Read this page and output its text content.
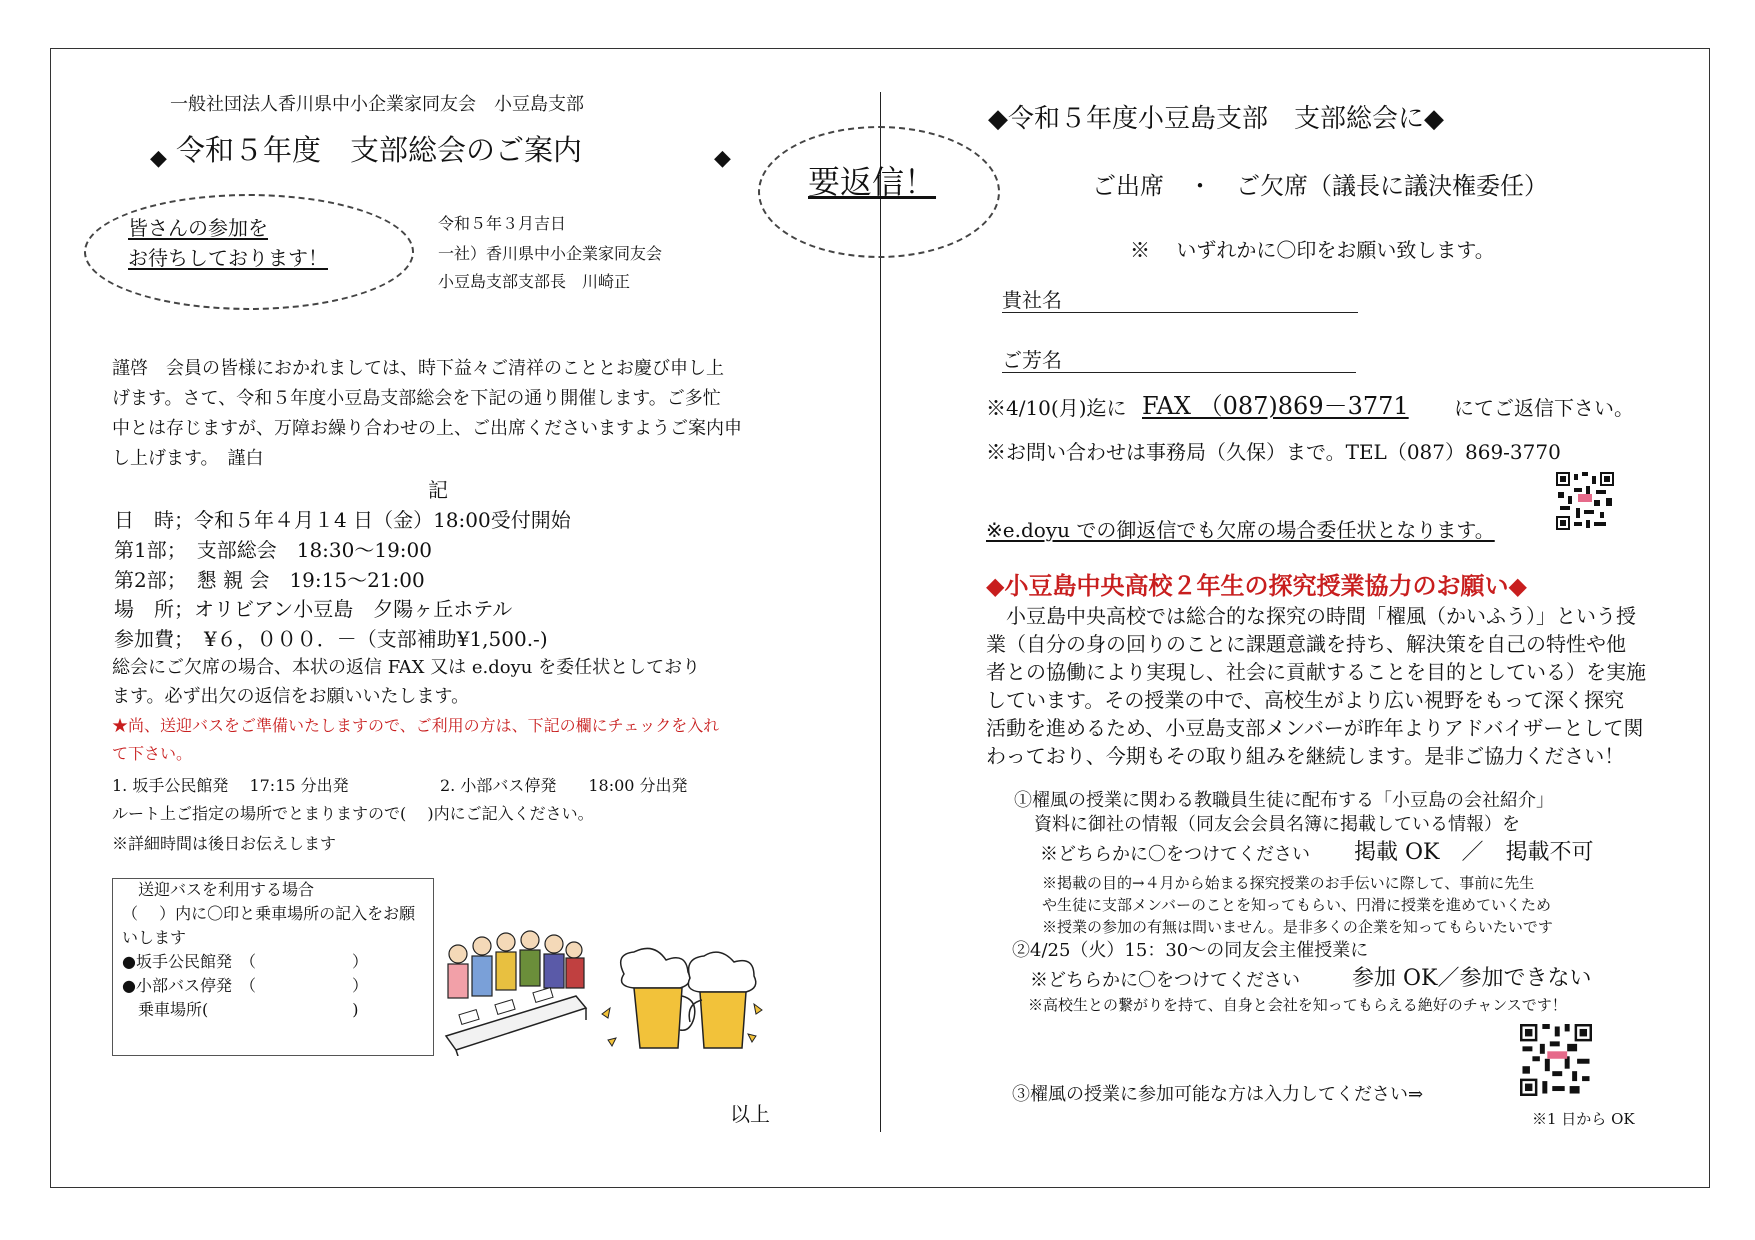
一般社団法人香川県中小企業家同友会　小豆島支部
◆ 令和５年度　支部総会のご案内	◆
皆さんの参加を
お待ちしております！
令和５年３月吉日
一社）香川県中小企業家同友会
小豆島支部支部長　川崎正
謹啓　会員の皆様におかれましては、時下益々ご清祥のこととお慶び申し上
げます。さて、令和５年度小豆島支部総会を下記の通り開催します。ご多忙
中とは存じますが、万障お繰り合わせの上、ご出席くださいますようご案内申
し上げます。　謹白
記
日　時；令和５年４月１4 日（金）18:00受付開始
第1部；　支部総会　18:30～19:00
第2部；　懇 親 会　19:15～21:00
場　所；オリビアン小豆島　夕陽ヶ丘ホテル
参加費；　¥６，０００．－（支部補助¥1,500.-)
総会にご欠席の場合、本状の返信 FAX 又は e.doyu を委任状としており
ます。必ず出欠の返信をお願いいたします。
★尚、送迎バスをご準備いたしますので、ご利用の方は、下記の欄にチェックを入れ
て下さい。
1. 坂手公民館発　 17:15 分出発	2. 小部バス停発　　18:00 分出発
ルート上ご指定の場所でとまりますので(　 )内にご記入ください。
※詳細時間は後日お伝えします
送迎バスを利用する場合
（　 ）内に〇印と乗車場所の記入をお願
いします
●坂手公民館発　（　　　　　　）
●小部バス停発　（　　　　　　）
　乗車場所(　　　　　　　　　)
以上
要返信！
◆令和５年度小豆島支部　支部総会に◆
ご出席　・　ご欠席（議長に議決権委任）
※　 いずれかに〇印をお願い致します。
貴社名
ご芳名
※4/10(月)迄に FAX （087)869－3771 にてご返信下さい。
※お問い合わせは事務局（久保）まで。TEL（087）869-3770
※e.doyu での御返信でも欠席の場合委任状となります。
◆小豆島中央高校２年生の探究授業協力のお願い◆
　小豆島中央高校では総合的な探究の時間「櫂風（かいふう）」という授
業（自分の身の回りのことに課題意識を持ち、解決策を自己の特性や他
者との協働により実現し、社会に貢献することを目的としている）を実施
しています。その授業の中で、高校生がより広い視野をもって深く探究
活動を進めるため、小豆島支部メンバーが昨年よりアドバイザーとして関
わっており、今期もその取り組みを継続します。是非ご協力ください！
①櫂風の授業に関わる教職員生徒に配布する「小豆島の会社紹介」
資料に御社の情報（同友会会員名簿に掲載している情報）を
※どちらかに〇をつけてください 掲載 OK　／　掲載不可
※掲載の目的→４月から始まる探究授業のお手伝いに際して、事前に先生
や生徒に支部メンバーのことを知ってもらい、円滑に授業を進めていくため
※授業の参加の有無は問いません。是非多くの企業を知ってもらいたいです
②4/25（火）15：30～の同友会主催授業に
※どちらかに〇をつけてください 参加 OK／参加できない
※高校生との繋がりを持て、自身と会社を知ってもらえる絶好のチャンスです！
③櫂風の授業に参加可能な方は入力してください⇒
※1 日から OK
